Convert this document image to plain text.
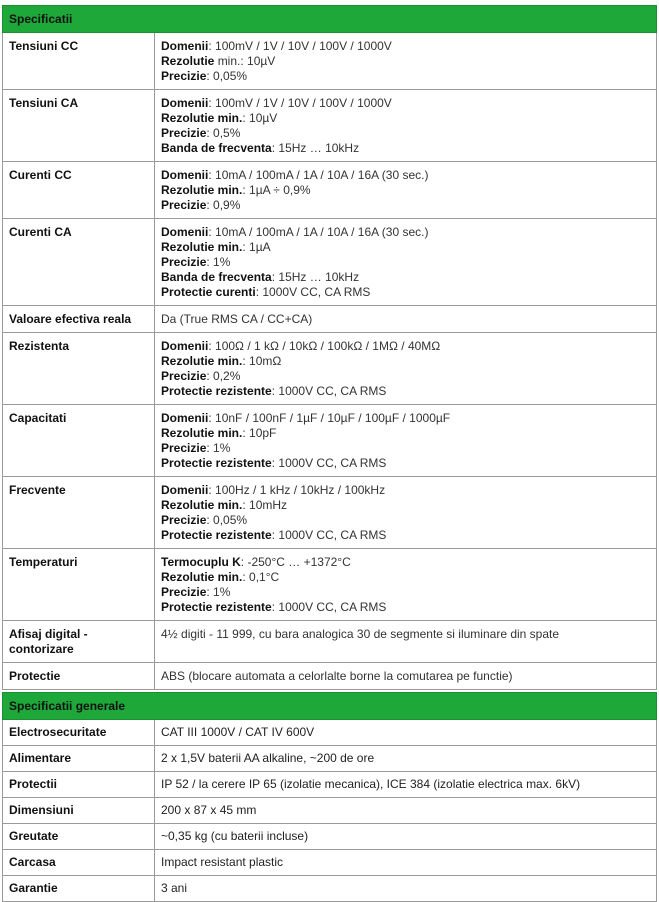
Specificatii	
Tensiuni CC	Domenii: 100mV / 1V / 10V / 100V / 1000V
Rezolutie min.: 10µV
Precizie: 0,05%

Tensiuni CA	Domenii: 100mV / 1V / 10V / 100V / 1000V
Rezolutie min.: 10µV
Precizie: 0,5%
Banda de frecventa: 15Hz … 10kHz

Curenti CC	Domenii: 10mA / 100mA / 1A / 10A / 16A (30 sec.)
Rezolutie min.: 1µA ÷ 0,9%
Precizie: 0,9%

Curenti CA	Domenii: 10mA / 100mA / 1A / 10A / 16A (30 sec.)
Rezolutie min.: 1µA
Precizie: 1%
Banda de frecventa: 15Hz … 10kHz
Protectie curenti: 1000V CC, CA RMS

Valoare efectiva reala	Da (True RMS CA / CC+CA)

Rezistenta	Domenii: 100Ω / 1 kΩ / 10kΩ / 100kΩ / 1MΩ / 40MΩ
Rezolutie min.: 10mΩ
Precizie: 0,2%
Protectie rezistente: 1000V CC, CA RMS

Capacitati	Domenii: 10nF / 100nF / 1µF / 10µF / 100µF / 1000µF
Rezolutie min.: 10pF
Precizie: 1%
Protectie rezistente: 1000V CC, CA RMS

Frecvente	Domenii: 100Hz / 1 kHz / 10kHz / 100kHz
Rezolutie min.: 10mHz
Precizie: 0,05%
Protectie rezistente: 1000V CC, CA RMS

Temperaturi	Termocuplu K: -250°C … +1372°C
Rezolutie min.: 0,1°C
Precizie: 1%
Protectie rezistente: 1000V CC, CA RMS

Afisaj digital - contorizare	4½ digiti - 11 999, cu bara analogica 30 de segmente si iluminare din spate

Protectie	ABS (blocare automata a celorlalte borne la comutarea pe functie)
Specificatii generale	
Electrosecuritate	CAT III 1000V / CAT IV 600V
Alimentare	2 x 1,5V baterii AA alkaline, ~200 de ore
Protectii	IP 52 / la cerere IP 65 (izolatie mecanica), ICE 384 (izolatie electrica max. 6kV)
Dimensiuni	200 x 87 x 45 mm
Greutate	~0,35 kg (cu baterii incluse)
Carcasa	Impact resistant plastic
Garantie	3 ani
